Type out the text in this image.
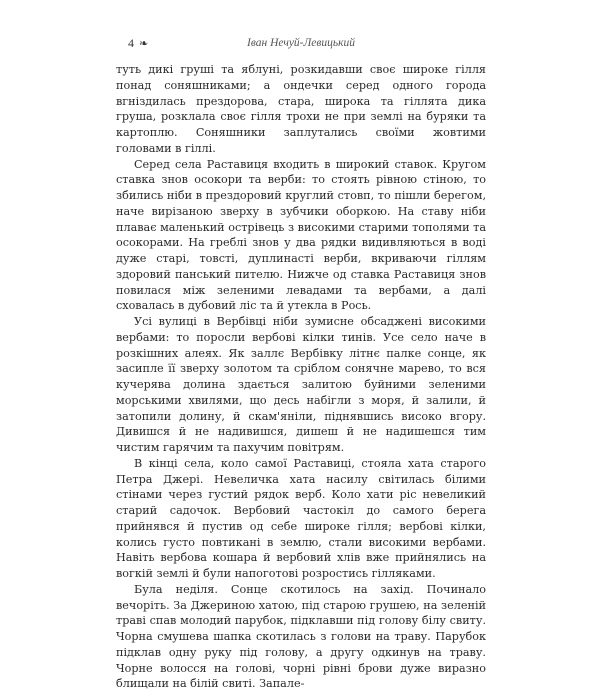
4 ❧	Іван Нечуй-Левицький

туть дикі груші та яблуні, розкидавши своє широке гілля понад соняшниками; а ондечки серед одного города вгніздилась прездорова, стара, широка та гіллята дика груша, розклала своє гілля трохи не при землі на буряки та картоплю. Соняшники заплутались своїми жовтими головами в гіллі.

Серед села Раставиця входить в широкий ставок. Кругом ставка знов осокори та верби: то стоять рівною стіною, то збились ніби в прездоровий круглий стовп, то пішли берегом, наче вирізаною зверху в зубчики оборкою. На ставу ніби плаває маленький острівець з високими старими тополями та осокорами. На греблі знов у два рядки видивляються в воді дуже старі, товсті, дуплинасті верби, вкриваючи гіллям здоровий панський пителю. Нижче од ставка Раставиця знов повилася між зеленими левадами та вербами, а далі сховалась в дубовий ліс та й утекла в Рось.

Усі вулиці в Вербівці ніби зумисне обсаджені високими вербами: то поросли вербові кілки тинів. Усе село наче в розкішних алеях. Як заллє Вербівку літнє палке сонце, як засипле її зверху золотом та сріблом сонячне марево, то вся кучерява долина здається залитою буйними зеленими морськими хвилями, що десь набігли з моря, й залили, й затопили долину, й скам'яніли, піднявшись високо вгору. Дивишся й не надивишся, дишеш й не надишешся тим чистим гарячим та пахучим повітрям.

В кінці села, коло самої Раставиці, стояла хата старого Петра Джері. Невеличка хата насилу світилась білими стінами через густий рядок верб. Коло хати ріс невеликий старий садочок. Вербовий частокіл до самого берега прийнявся й пустив од себе широке гілля; вербові кілки, колись густо повтикані в землю, стали високими вербами. Навіть вербова кошара й вербовий хлів вже прийнялись на вогкій землі й були напоготові розростись гілляками.

Була неділя. Сонце скотилось на захід. Починало вечоріть. За Джериною хатою, під старою грушею, на зеленій траві спав молодий парубок, підклавши під голову білу свиту. Чорна смушева шапка скотилась з голови на траву. Парубок підклав одну руку під голову, а другу одкинув на траву. Чорне волосся на голові, чорні рівні брови дуже виразно блищали на білій свиті. Запале-
